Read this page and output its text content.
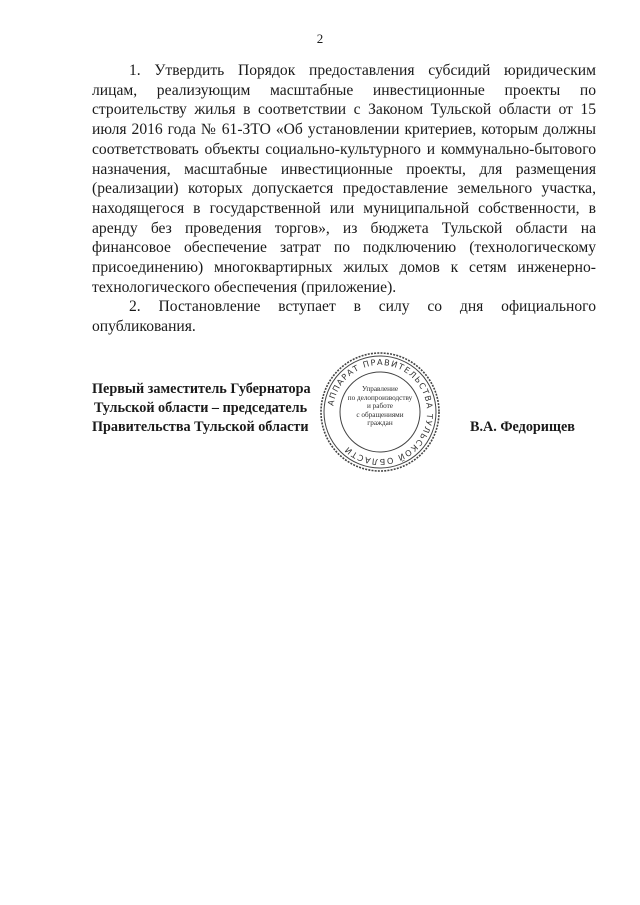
2

1. Утвердить Порядок предоставления субсидий юридическим лицам, реализующим масштабные инвестиционные проекты по строительству жилья в соответствии с Законом Тульской области от 15 июля 2016 года № 61-ЗТО «Об установлении критериев, которым должны соответствовать объекты социально-культурного и коммунально-бытового назначения, масштабные инвестиционные проекты, для размещения (реализации) которых допускается предоставление земельного участка, находящегося в государственной или муниципальной собственности, в аренду без проведения торгов», из бюджета Тульской области на финансовое обеспечение затрат по подключению (технологическому присоединению) многоквартирных жилых домов к сетям инженерно-технологического обеспечения (приложение).

2. Постановление вступает в силу со дня официального опубликования.

Первый заместитель Губернатора
Тульской области – председатель
Правительства Тульской области	В.А. Федорищев
АППАРАТ ПРАВИТЕЛЬСТВА ТУЛЬСКОЙ ОБЛАСТИ
Управление
по делопроизводству
и работе
с обращениями
граждан
